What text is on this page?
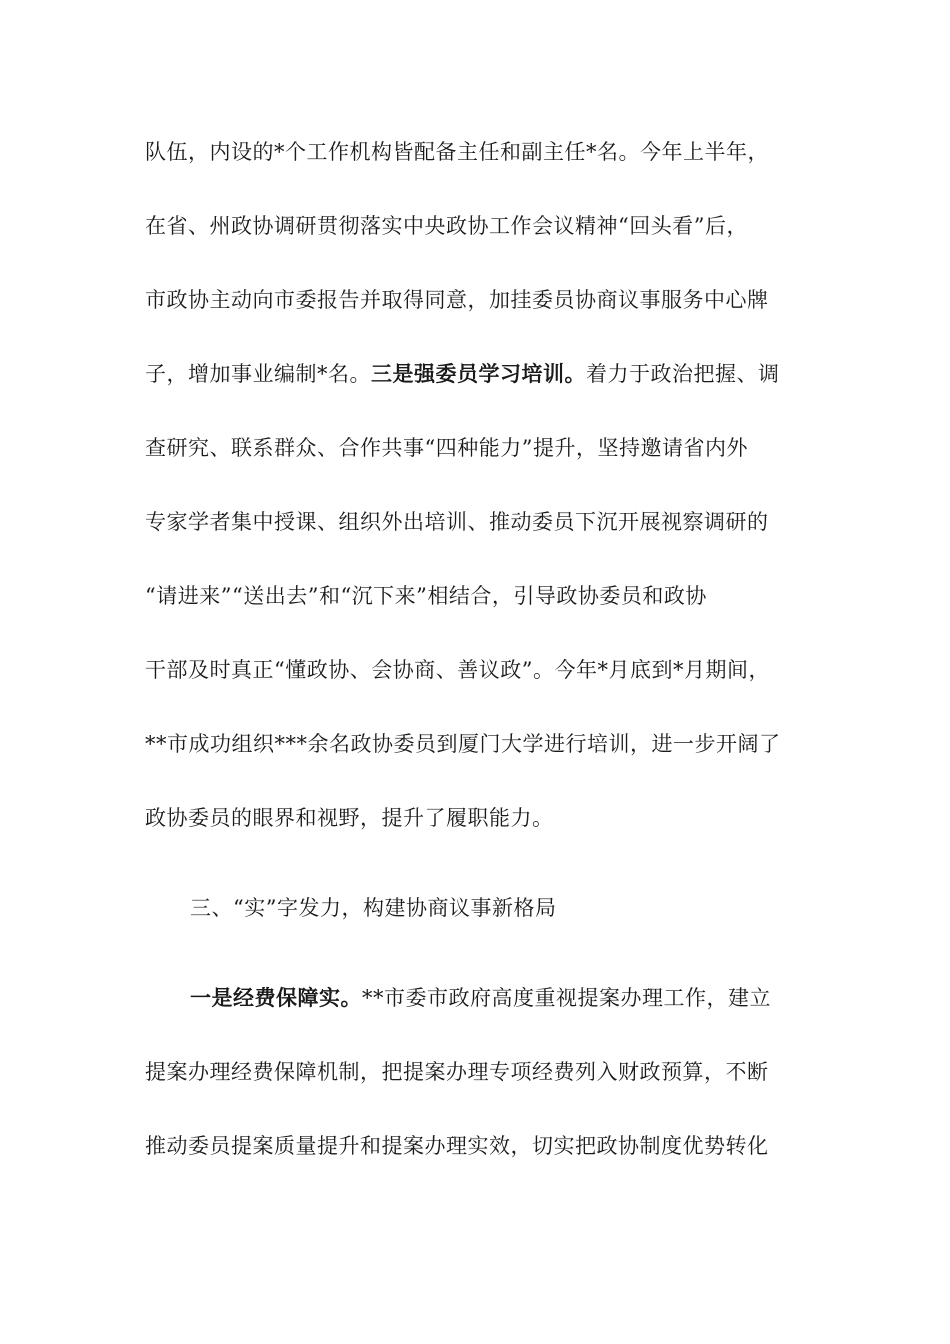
队伍，内设的*个工作机构皆配备主任和副主任*名。今年上半年，
在省、州政协调研贯彻落实中央政协工作会议精神“回头看”后，
市政协主动向市委报告并取得同意，加挂委员协商议事服务中心牌
子，增加事业编制*名。三是强委员学习培训。着力于政治把握、调
查研究、联系群众、合作共事“四种能力”提升，坚持邀请省内外
专家学者集中授课、组织外出培训、推动委员下沉开展视察调研的
“请进来”“送出去”和“沉下来”相结合，引导政协委员和政协
干部及时真正“懂政协、会协商、善议政”。今年*月底到*月期间，
**市成功组织***余名政协委员到厦门大学进行培训，进一步开阔了
政协委员的眼界和视野，提升了履职能力。
三、“实”字发力，构建协商议事新格局
一是经费保障实。**市委市政府高度重视提案办理工作，建立
提案办理经费保障机制，把提案办理专项经费列入财政预算，不断
推动委员提案质量提升和提案办理实效，切实把政协制度优势转化
